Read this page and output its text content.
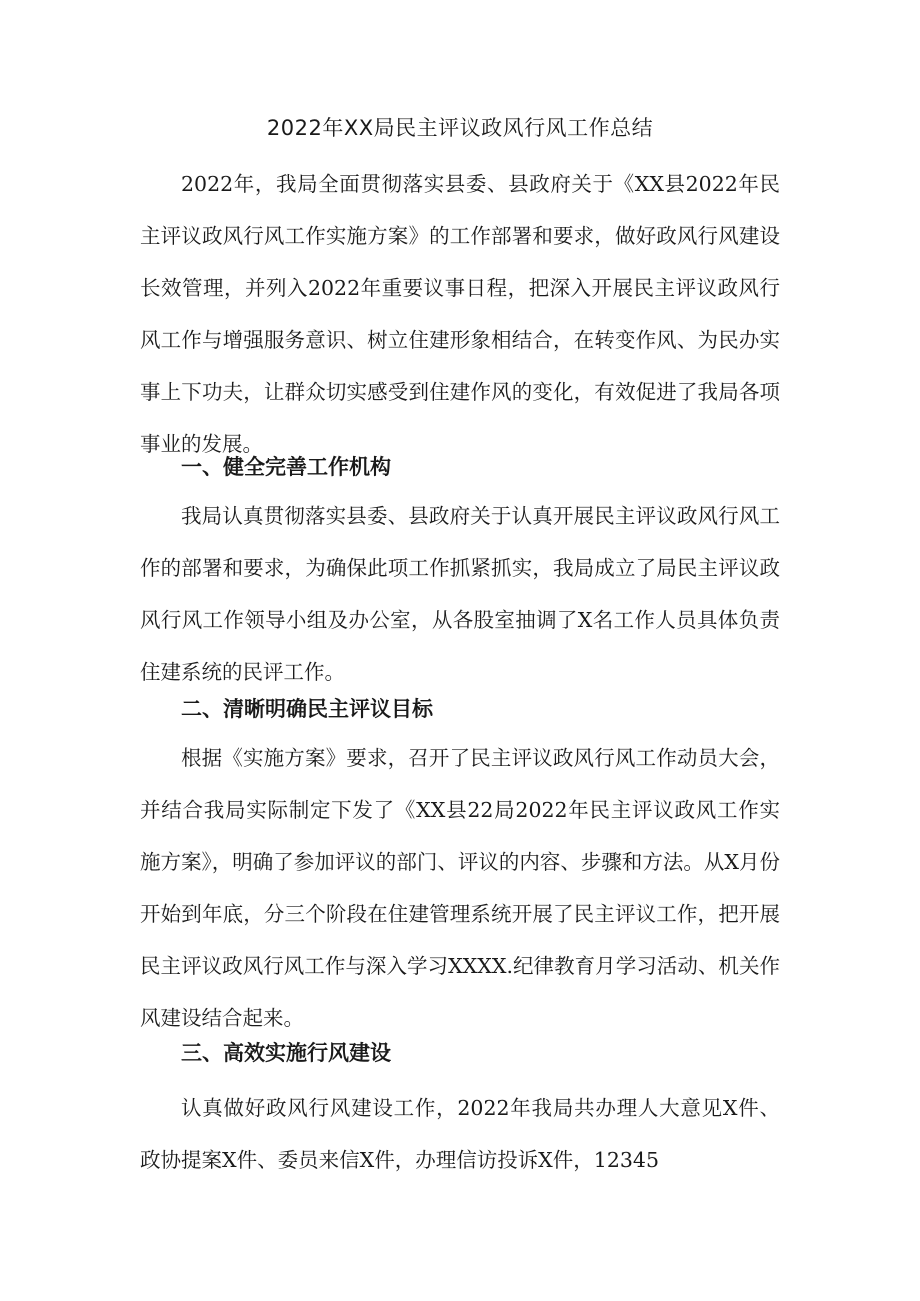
2022年XX局民主评议政风行风工作总结

2022年，我局全面贯彻落实县委、县政府关于《XX县2022年民主评议政风行风工作实施方案》的工作部署和要求，做好政风行风建设长效管理，并列入2022年重要议事日程，把深入开展民主评议政风行风工作与增强服务意识、树立住建形象相结合，在转变作风、为民办实事上下功夫，让群众切实感受到住建作风的变化，有效促进了我局各项事业的发展。

一、健全完善工作机构

我局认真贯彻落实县委、县政府关于认真开展民主评议政风行风工作的部署和要求，为确保此项工作抓紧抓实，我局成立了局民主评议政风行风工作领导小组及办公室，从各股室抽调了X名工作人员具体负责住建系统的民评工作。

二、清晰明确民主评议目标

根据《实施方案》要求，召开了民主评议政风行风工作动员大会，并结合我局实际制定下发了《XX县22局2022年民主评议政风工作实施方案》，明确了参加评议的部门、评议的内容、步骤和方法。从X月份开始到年底，分三个阶段在住建管理系统开展了民主评议工作，把开展民主评议政风行风工作与深入学习XXXX.纪律教育月学习活动、机关作风建设结合起来。

三、高效实施行风建设

认真做好政风行风建设工作，2022年我局共办理人大意见X件、政协提案X件、委员来信X件，办理信访投诉X件，12345
